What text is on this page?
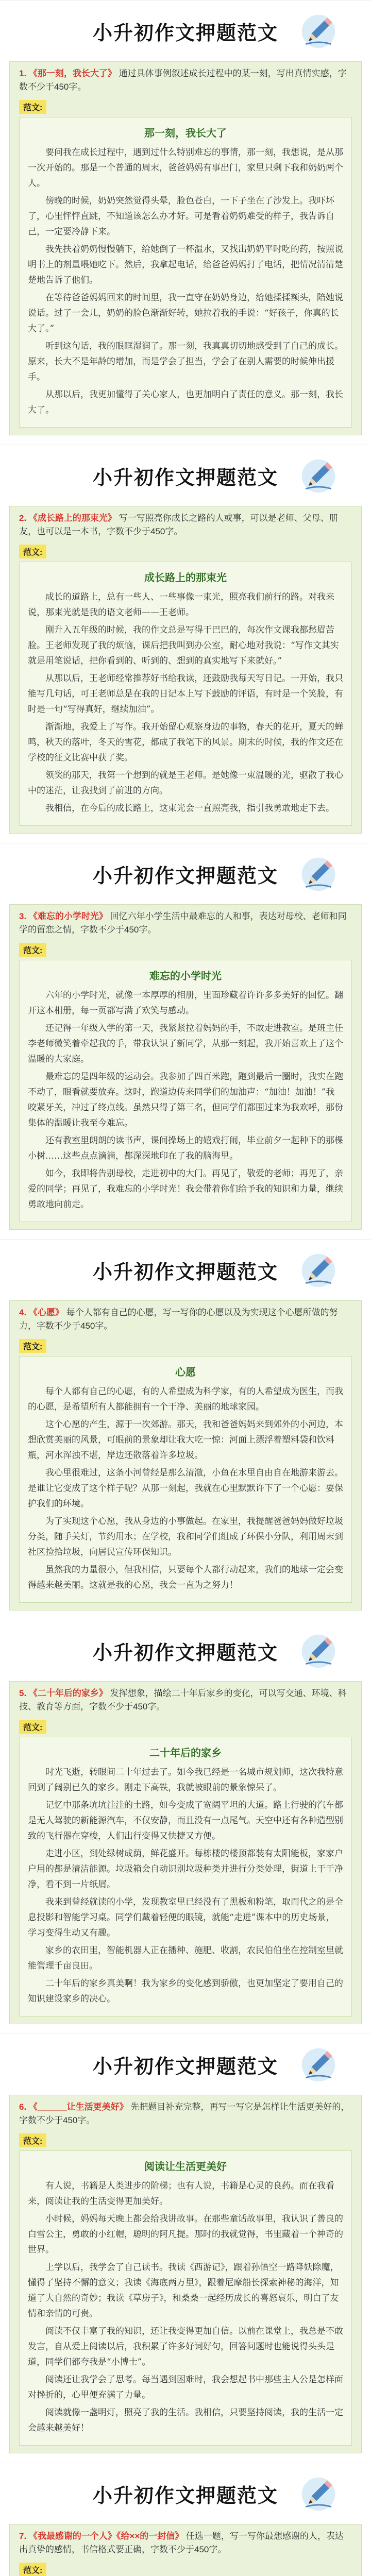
小升初作文押题范文
1. 《那一刻，我长大了》 通过具体事例叙述成长过程中的某一刻，写出真情实感，字数不少于450字。
范文:
那一刻，我长大了

要问我在成长过程中，遇到过什么特别难忘的事情，那一刻，我想说，是从那一次开始的。那是一个普通的周末，爸爸妈妈有事出门，家里只剩下我和奶奶两个人。

傍晚的时候，奶奶突然觉得头晕，脸色苍白，一下子坐在了沙发上。我吓坏了，心里怦怦直跳，不知道该怎么办才好。可是看着奶奶难受的样子，我告诉自己，一定要冷静下来。

我先扶着奶奶慢慢躺下，给她倒了一杯温水，又找出奶奶平时吃的药，按照说明书上的剂量喂她吃下。然后，我拿起电话，给爸爸妈妈打了电话，把情况清清楚楚地告诉了他们。

在等待爸爸妈妈回来的时间里，我一直守在奶奶身边，给她揉揉额头，陪她说说话。过了一会儿，奶奶的脸色渐渐好转，她拉着我的手说：“好孩子，你真的长大了。”

听到这句话，我的眼眶湿润了。那一刻，我真真切切地感受到了自己的成长。原来，长大不是年龄的增加，而是学会了担当，学会了在别人需要的时候伸出援手。

从那以后，我更加懂得了关心家人，也更加明白了责任的意义。那一刻，我长大了。

小升初作文押题范文
2. 《成长路上的那束光》 写一写照亮你成长之路的人或事，可以是老师、父母、朋友，也可以是一本书，字数不少于450字。
范文:
成长路上的那束光

成长的道路上，总有一些人、一些事像一束光，照亮我们前行的路。对我来说，那束光就是我的语文老师——王老师。

刚升入五年级的时候，我的作文总是写得干巴巴的，每次作文课我都愁眉苦脸。王老师发现了我的烦恼，课后把我叫到办公室，耐心地对我说：“写作文其实就是用笔说话，把你看到的、听到的、想到的真实地写下来就好。”

从那以后，王老师经常推荐好书给我读，还鼓励我每天写日记。一开始，我只能写几句话，可王老师总是在我的日记本上写下鼓励的评语，有时是一个笑脸，有时是一句“写得真好，继续加油”。

渐渐地，我爱上了写作。我开始留心观察身边的事物，春天的花开，夏天的蝉鸣，秋天的落叶，冬天的雪花，都成了我笔下的风景。期末的时候，我的作文还在学校的征文比赛中获了奖。

领奖的那天，我第一个想到的就是王老师。是她像一束温暖的光，驱散了我心中的迷茫，让我找到了前进的方向。

我相信，在今后的成长路上，这束光会一直照亮我，指引我勇敢地走下去。

小升初作文押题范文
3. 《难忘的小学时光》 回忆六年小学生活中最难忘的人和事，表达对母校、老师和同学的留恋之情，字数不少于450字。
范文:
难忘的小学时光

六年的小学时光，就像一本厚厚的相册，里面珍藏着许许多多美好的回忆。翻开这本相册，每一页都写满了欢笑与感动。

还记得一年级入学的第一天，我紧紧拉着妈妈的手，不敢走进教室。是班主任李老师微笑着牵起我的手，带我认识了新同学，从那一刻起，我开始喜欢上了这个温暖的大家庭。

最难忘的是四年级的运动会。我参加了四百米跑，跑到最后一圈时，我实在跑不动了，眼看就要放弃。这时，跑道边传来同学们的加油声：“加油！加油！”我咬紧牙关，冲过了终点线。虽然只得了第三名，但同学们都围过来为我欢呼，那份集体的温暖让我至今难忘。

还有教室里朗朗的读书声，课间操场上的嬉戏打闹，毕业前夕一起种下的那棵小树……这些点点滴滴，都深深地印在了我的脑海里。

如今，我即将告别母校，走进初中的大门。再见了，敬爱的老师；再见了，亲爱的同学；再见了，我难忘的小学时光！我会带着你们给予我的知识和力量，继续勇敢地向前走。

小升初作文押题范文
4. 《心愿》 每个人都有自己的心愿，写一写你的心愿以及为实现这个心愿所做的努力，字数不少于450字。
范文:
心愿

每个人都有自己的心愿，有的人希望成为科学家，有的人希望成为医生，而我的心愿，是希望所有人都能拥有一个干净、美丽的地球家园。

这个心愿的产生，源于一次郊游。那天，我和爸爸妈妈来到郊外的小河边，本想欣赏美丽的风景，可眼前的景象却让我大吃一惊：河面上漂浮着塑料袋和饮料瓶，河水浑浊不堪，岸边还散落着许多垃圾。

我心里很难过，这条小河曾经是那么清澈，小鱼在水里自由自在地游来游去。是谁让它变成了这个样子呢？从那一刻起，我就在心里默默许下了一个心愿：要保护我们的环境。

为了实现这个心愿，我从身边的小事做起。在家里，我提醒爸爸妈妈做好垃圾分类，随手关灯，节约用水；在学校，我和同学们组成了环保小分队，利用周末到社区捡拾垃圾，向居民宣传环保知识。

虽然我的力量很小，但我相信，只要每个人都行动起来，我们的地球一定会变得越来越美丽。这就是我的心愿，我会一直为之努力！

小升初作文押题范文
5. 《二十年后的家乡》 发挥想象，描绘二十年后家乡的变化，可以写交通、环境、科技、教育等方面，字数不少于450字。
范文:
二十年后的家乡

时光飞逝，转眼间二十年过去了。如今我已经是一名城市规划师，这次我特意回到了阔别已久的家乡。刚走下高铁，我就被眼前的景象惊呆了。

记忆中那条坑坑洼洼的土路，如今变成了宽阔平坦的大道。路上行驶的汽车都是无人驾驶的新能源汽车，不仅安静，而且没有一点尾气。天空中还有各种造型别致的飞行器在穿梭，人们出行变得又快捷又方便。

走进小区，到处绿树成荫，鲜花盛开。每栋楼的楼顶都装有太阳能板，家家户户用的都是清洁能源。垃圾箱会自动识别垃圾种类并进行分类处理，街道上干干净净，看不到一片纸屑。

我来到曾经就读的小学，发现教室里已经没有了黑板和粉笔，取而代之的是全息投影和智能学习桌。同学们戴着轻便的眼镜，就能“走进”课本中的历史场景，学习变得生动又有趣。

家乡的农田里，智能机器人正在播种、施肥、收割，农民伯伯坐在控制室里就能管理千亩良田。

二十年后的家乡真美啊！我为家乡的变化感到骄傲，也更加坚定了要用自己的知识建设家乡的决心。

小升初作文押题范文
6. 《______让生活更美好》 先把题目补充完整，再写一写它是怎样让生活更美好的，字数不少于450字。
范文:
阅读让生活更美好

有人说，书籍是人类进步的阶梯；也有人说，书籍是心灵的良药。而在我看来，阅读让我的生活变得更加美好。

小时候，妈妈每天晚上都会给我讲故事。在那些童话故事里，我认识了善良的白雪公主，勇敢的小红帽，聪明的阿凡提。那时的我就觉得，书里藏着一个神奇的世界。

上学以后，我学会了自己读书。我读《西游记》，跟着孙悟空一路降妖除魔，懂得了坚持不懈的意义；我读《海底两万里》，跟着尼摩船长探索神秘的海洋，知道了大自然的奇妙；我读《草房子》，和桑桑一起经历成长的喜怒哀乐，明白了友情和亲情的可贵。

阅读不仅丰富了我的知识，还让我变得更加自信。以前在课堂上，我总是不敢发言，自从爱上阅读以后，我积累了许多好词好句，回答问题时也能说得头头是道，同学们都夸我是“小博士”。

阅读还让我学会了思考。每当遇到困难时，我会想起书中那些主人公是怎样面对挫折的，心里便充满了力量。

阅读就像一盏明灯，照亮了我的生活。我相信，只要坚持阅读，我的生活一定会越来越美好！

小升初作文押题范文
7. 《我最感谢的一个人》《给××的一封信》 任选一题，写一写你最想感谢的人，表达出真挚的感情，书信格式要正确，字数不少于450字。
范文:
